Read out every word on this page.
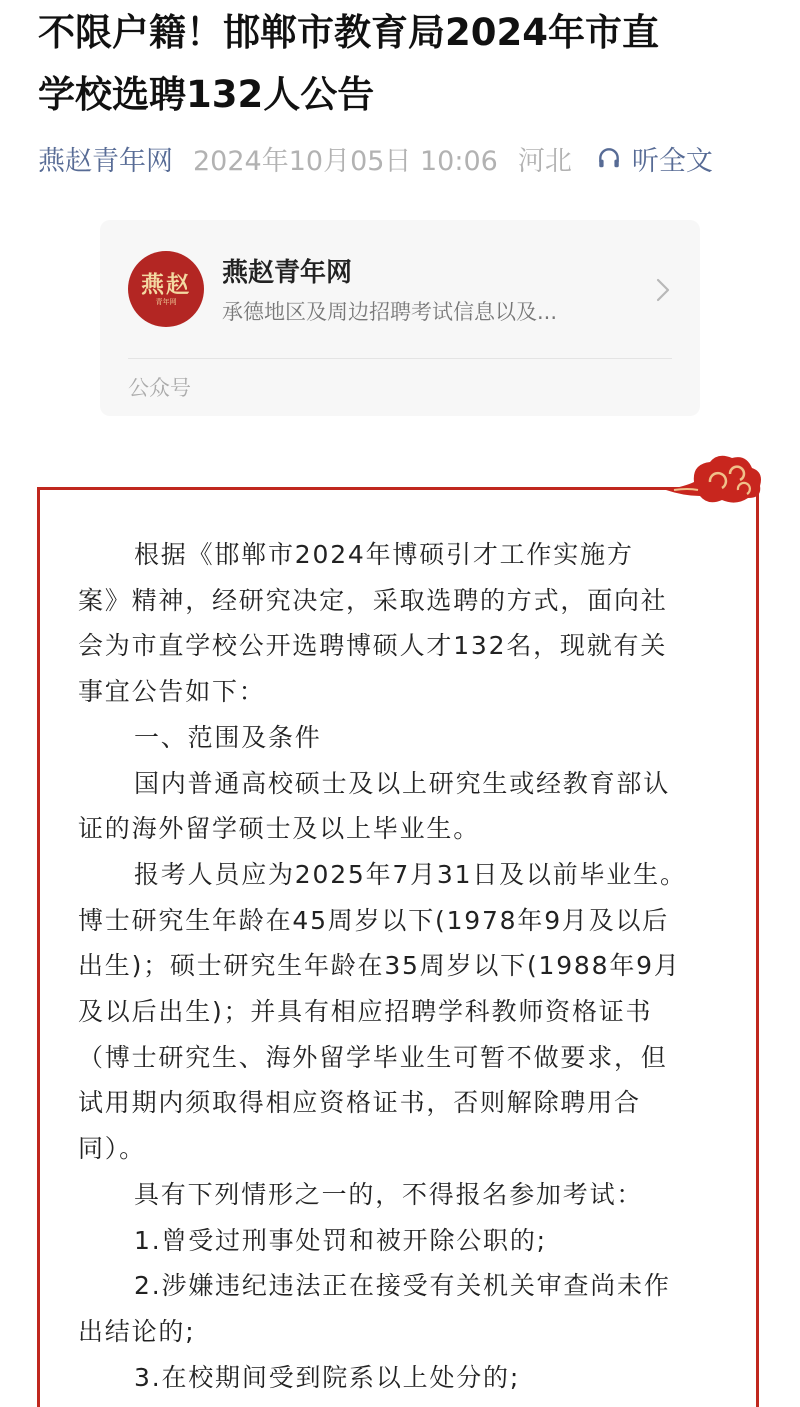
不限户籍！邯郸市教育局2024年市直
学校选聘132人公告
燕赵青年网 2024年10月05日 10:06 河北 听全文
燕赵
青年网
燕赵青年网
承德地区及周边招聘考试信息以及...
公众号

根据《邯郸市2024年博硕引才工作实施方

案》精神，经研究决定，采取选聘的方式，面向社

会为市直学校公开选聘博硕人才132名，现就有关

事宜公告如下：

一、范围及条件

国内普通高校硕士及以上研究生或经教育部认

证的海外留学硕士及以上毕业生。

报考人员应为2025年7月31日及以前毕业生。

博士研究生年龄在45周岁以下(1978年9月及以后

出生)；硕士研究生年龄在35周岁以下(1988年9月

及以后出生)；并具有相应招聘学科教师资格证书

（博士研究生、海外留学毕业生可暂不做要求，但

试用期内须取得相应资格证书，否则解除聘用合

同）。

具有下列情形之一的，不得报名参加考试：

1.曾受过刑事处罚和被开除公职的;

2.涉嫌违纪违法正在接受有关机关审查尚未作

出结论的;

3.在校期间受到院系以上处分的;
